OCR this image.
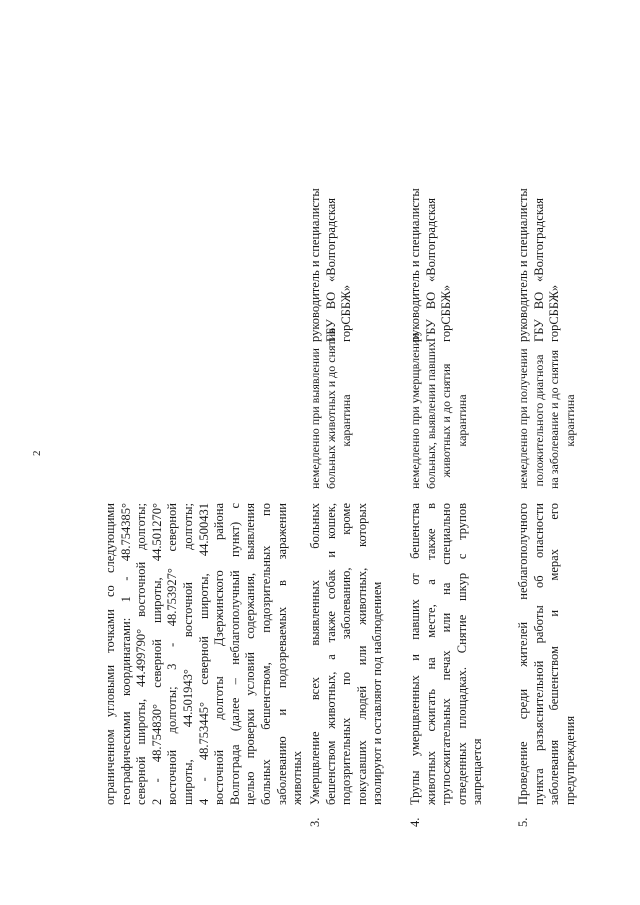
2
ограниченном угловыми точками со следующими географическими координатами: 1 - 48.754385° северной широты, 44.499790° восточной долготы; 2 - 48.754830° северной широты, 44.501270° восточной долготы; 3 - 48.753927° северной широты, 44.501943° восточной долготы; 4 - 48.753445° северной широты, 44.500431 восточной долготы Дзержинского района Волгограда (далее – неблагополучный пункт) с целью проверки условий содержания, выявления больных бешенством, подозрительных по заболеванию и подозреваемых в заражении животных
3.
Умерщвление всех выявленных больных бешенством животных, а также собак и кошек, подозрительных по заболеванию, кроме покусавших людей или животных, которых изолируют и оставляют под наблюдением
немедленно при выявлении больных животных и до снятия карантина
руководитель и специалисты ГБУ ВО «Волгоградская горСББЖ»
4.
Трупы умерщвленных и павших от бешенства животных сжигать на месте, а также в трупосжигательных печах или на специально отведенных площадках. Снятие шкур с трупов запрещается
немедленно при умерщвлении больных, выявлении павших животных и до снятия карантина
руководитель и специалисты ГБУ ВО «Волгоградская горСББЖ»
5.
Проведение среди жителей неблагополучного пункта разъяснительной работы об опасности заболевания бешенством и мерах его предупреждения
немедленно при получении положительного диагноза на заболевание и до снятия карантина
руководитель и специалисты ГБУ ВО «Волгоградская горСББЖ»
